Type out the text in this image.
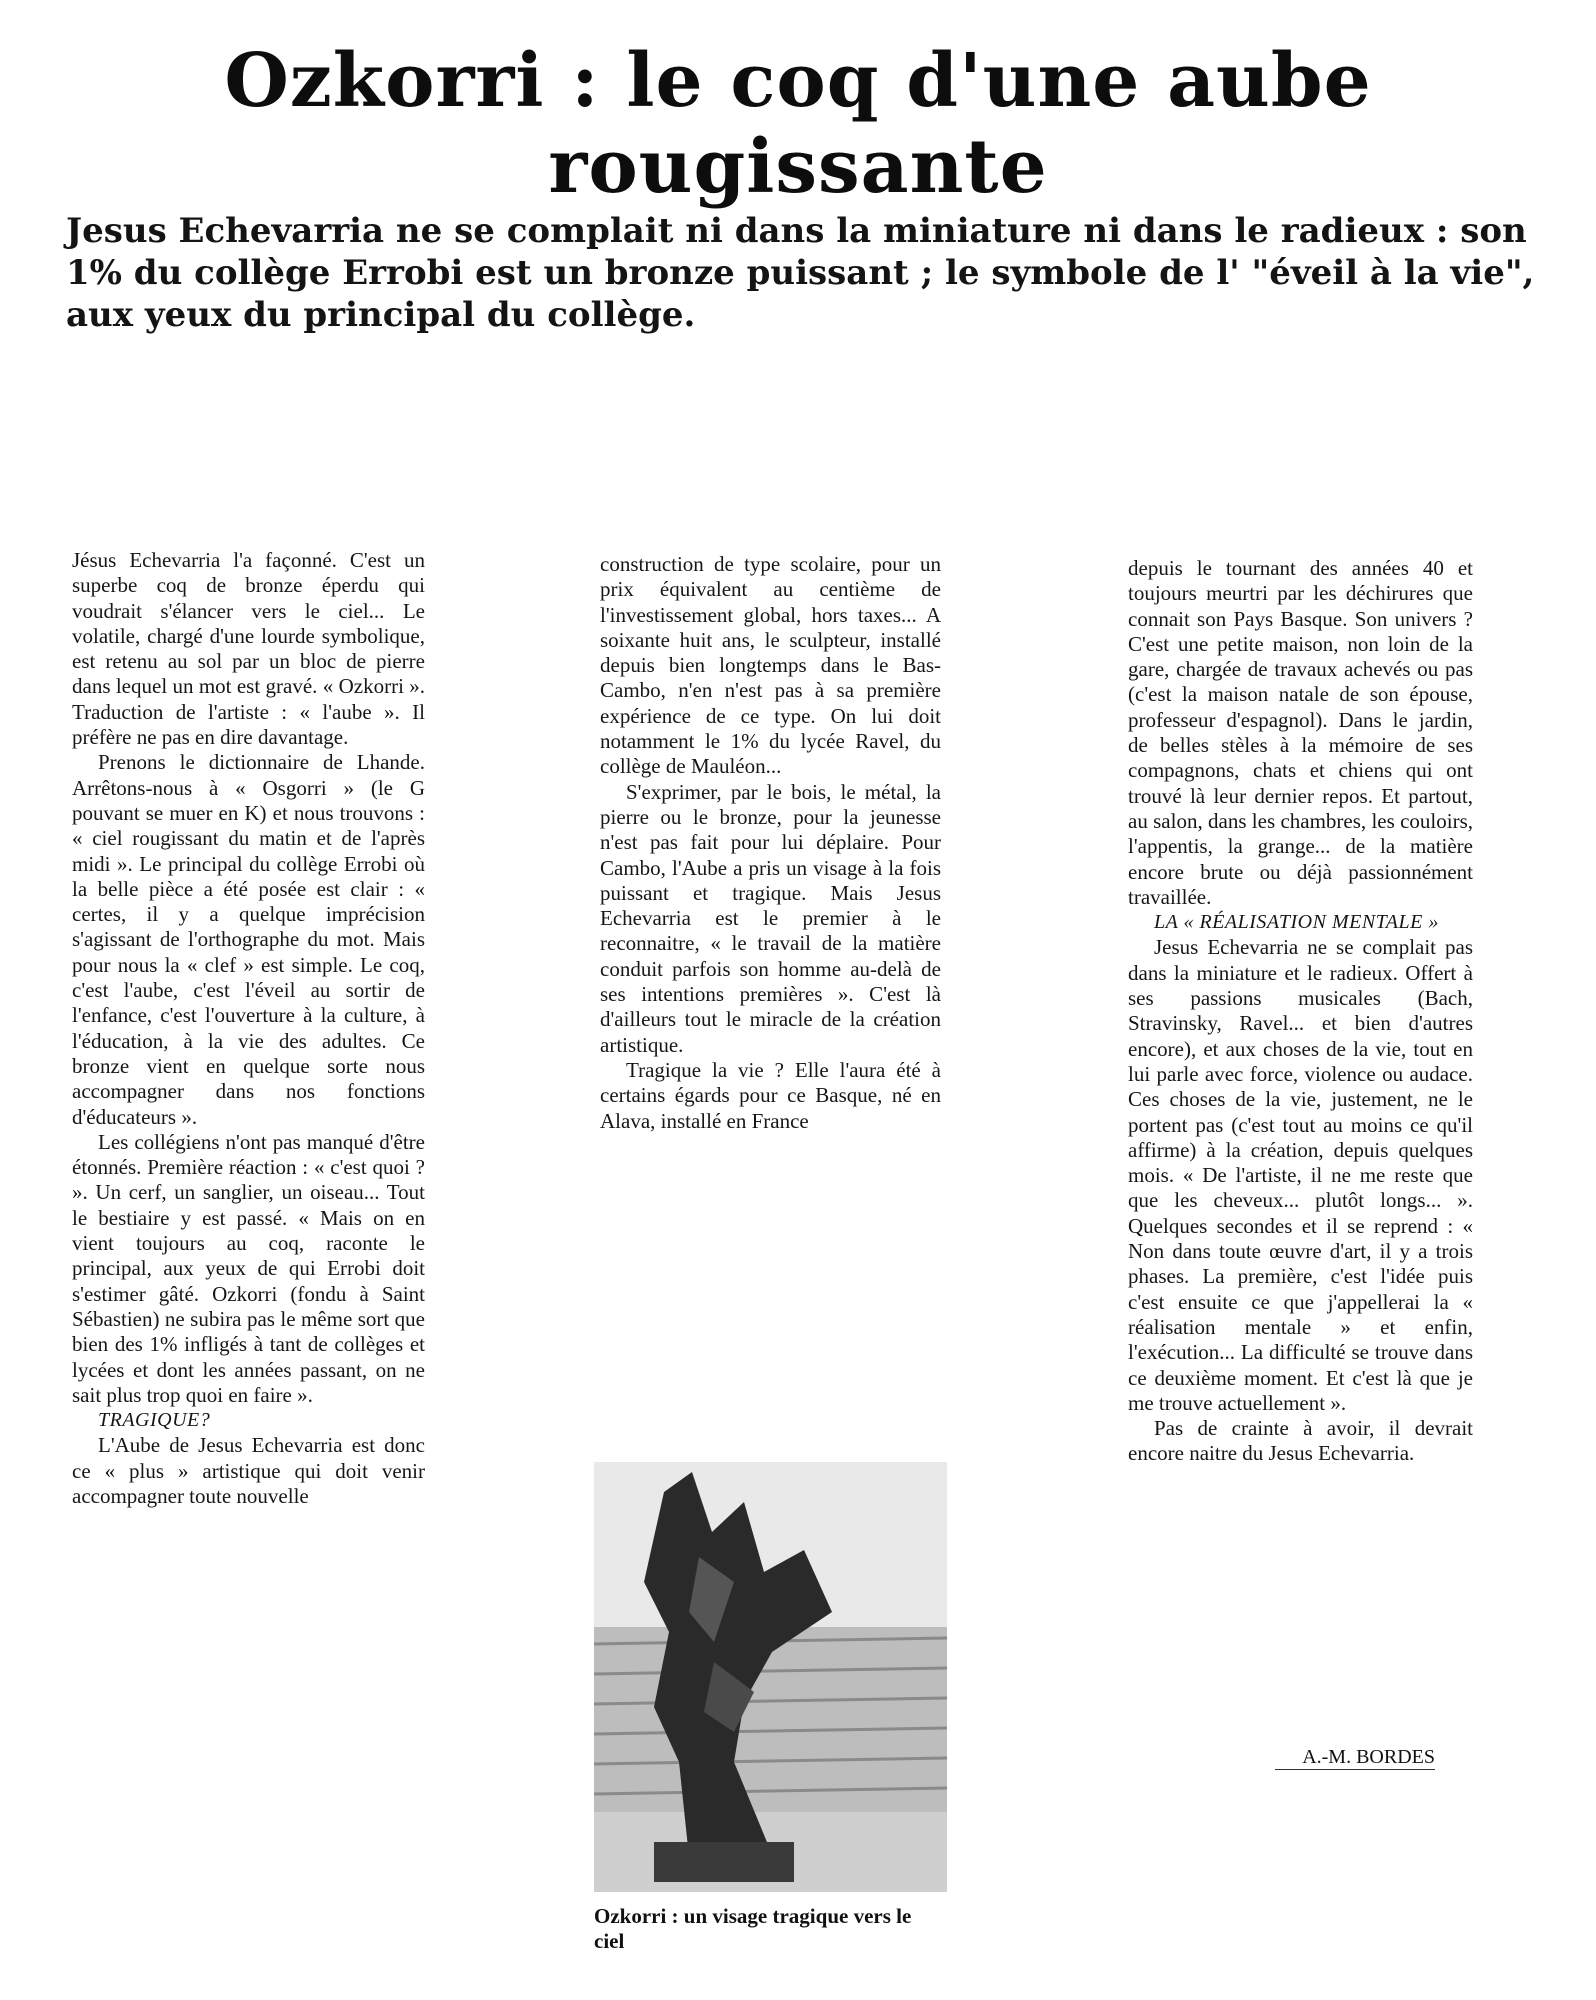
Ozkorri : le coq d'une aube rougissante

Jesus Echevarria ne se complait ni dans la miniature ni dans le radieux : son 1% du collège Errobi est un bronze puissant ; le symbole de l' "éveil à la vie", aux yeux du principal du collège.

Jésus Echevarria l'a façonné. C'est un superbe coq de bronze éperdu qui voudrait s'élancer vers le ciel... Le volatile, chargé d'une lourde symbolique, est retenu au sol par un bloc de pierre dans lequel un mot est gravé. « Ozkorri ». Traduction de l'artiste : « l'aube ». Il préfère ne pas en dire davantage.

Prenons le dictionnaire de Lhande. Arrêtons-nous à « Osgorri » (le G pouvant se muer en K) et nous trouvons : « ciel rougissant du matin et de l'après midi ». Le principal du collège Errobi où la belle pièce a été posée est clair : « certes, il y a quelque imprécision s'agissant de l'orthographe du mot. Mais pour nous la « clef » est simple. Le coq, c'est l'aube, c'est l'éveil au sortir de l'enfance, c'est l'ouverture à la culture, à l'éducation, à la vie des adultes. Ce bronze vient en quelque sorte nous accompagner dans nos fonctions d'éducateurs ».

Les collégiens n'ont pas manqué d'être étonnés. Première réaction : « c'est quoi ? ». Un cerf, un sanglier, un oiseau... Tout le bestiaire y est passé. « Mais on en vient toujours au coq, raconte le principal, aux yeux de qui Errobi doit s'estimer gâté. Ozkorri (fondu à Saint Sébastien) ne subira pas le même sort que bien des 1% infligés à tant de collèges et lycées et dont les années passant, on ne sait plus trop quoi en faire ».

TRAGIQUE?

L'Aube de Jesus Echevarria est donc ce « plus » artistique qui doit venir accompagner toute nouvelle

construction de type scolaire, pour un prix équivalent au centième de l'investissement global, hors taxes... A soixante huit ans, le sculpteur, installé depuis bien longtemps dans le Bas-Cambo, n'en n'est pas à sa première expérience de ce type. On lui doit notamment le 1% du lycée Ravel, du collège de Mauléon...

S'exprimer, par le bois, le métal, la pierre ou le bronze, pour la jeunesse n'est pas fait pour lui déplaire. Pour Cambo, l'Aube a pris un visage à la fois puissant et tragique. Mais Jesus Echevarria est le premier à le reconnaitre, « le travail de la matière conduit parfois son homme au-delà de ses intentions premières ». C'est là d'ailleurs tout le miracle de la création artistique.

Tragique la vie ? Elle l'aura été à certains égards pour ce Basque, né en Alava, installé en France

depuis le tournant des années 40 et toujours meurtri par les déchirures que connait son Pays Basque. Son univers ? C'est une petite maison, non loin de la gare, chargée de travaux achevés ou pas (c'est la maison natale de son épouse, professeur d'espagnol). Dans le jardin, de belles stèles à la mémoire de ses compagnons, chats et chiens qui ont trouvé là leur dernier repos. Et partout, au salon, dans les chambres, les couloirs, l'appentis, la grange... de la matière encore brute ou déjà passionnément travaillée.

LA « RÉALISATION MENTALE »

Jesus Echevarria ne se complait pas dans la miniature et le radieux. Offert à ses passions musicales (Bach, Stravinsky, Ravel... et bien d'autres encore), et aux choses de la vie, tout en lui parle avec force, violence ou audace. Ces choses de la vie, justement, ne le portent pas (c'est tout au moins ce qu'il affirme) à la création, depuis quelques mois. « De l'artiste, il ne me reste que que les cheveux... plutôt longs... ». Quelques secondes et il se reprend : « Non dans toute œuvre d'art, il y a trois phases. La première, c'est l'idée puis c'est ensuite ce que j'appellerai la « réalisation mentale » et enfin, l'exécution... La difficulté se trouve dans ce deuxième moment. Et c'est là que je me trouve actuellement ».

Pas de crainte à avoir, il devrait encore naitre du Jesus Echevarria.

A.-M. BORDES
Ozkorri : un visage tragique vers le ciel
